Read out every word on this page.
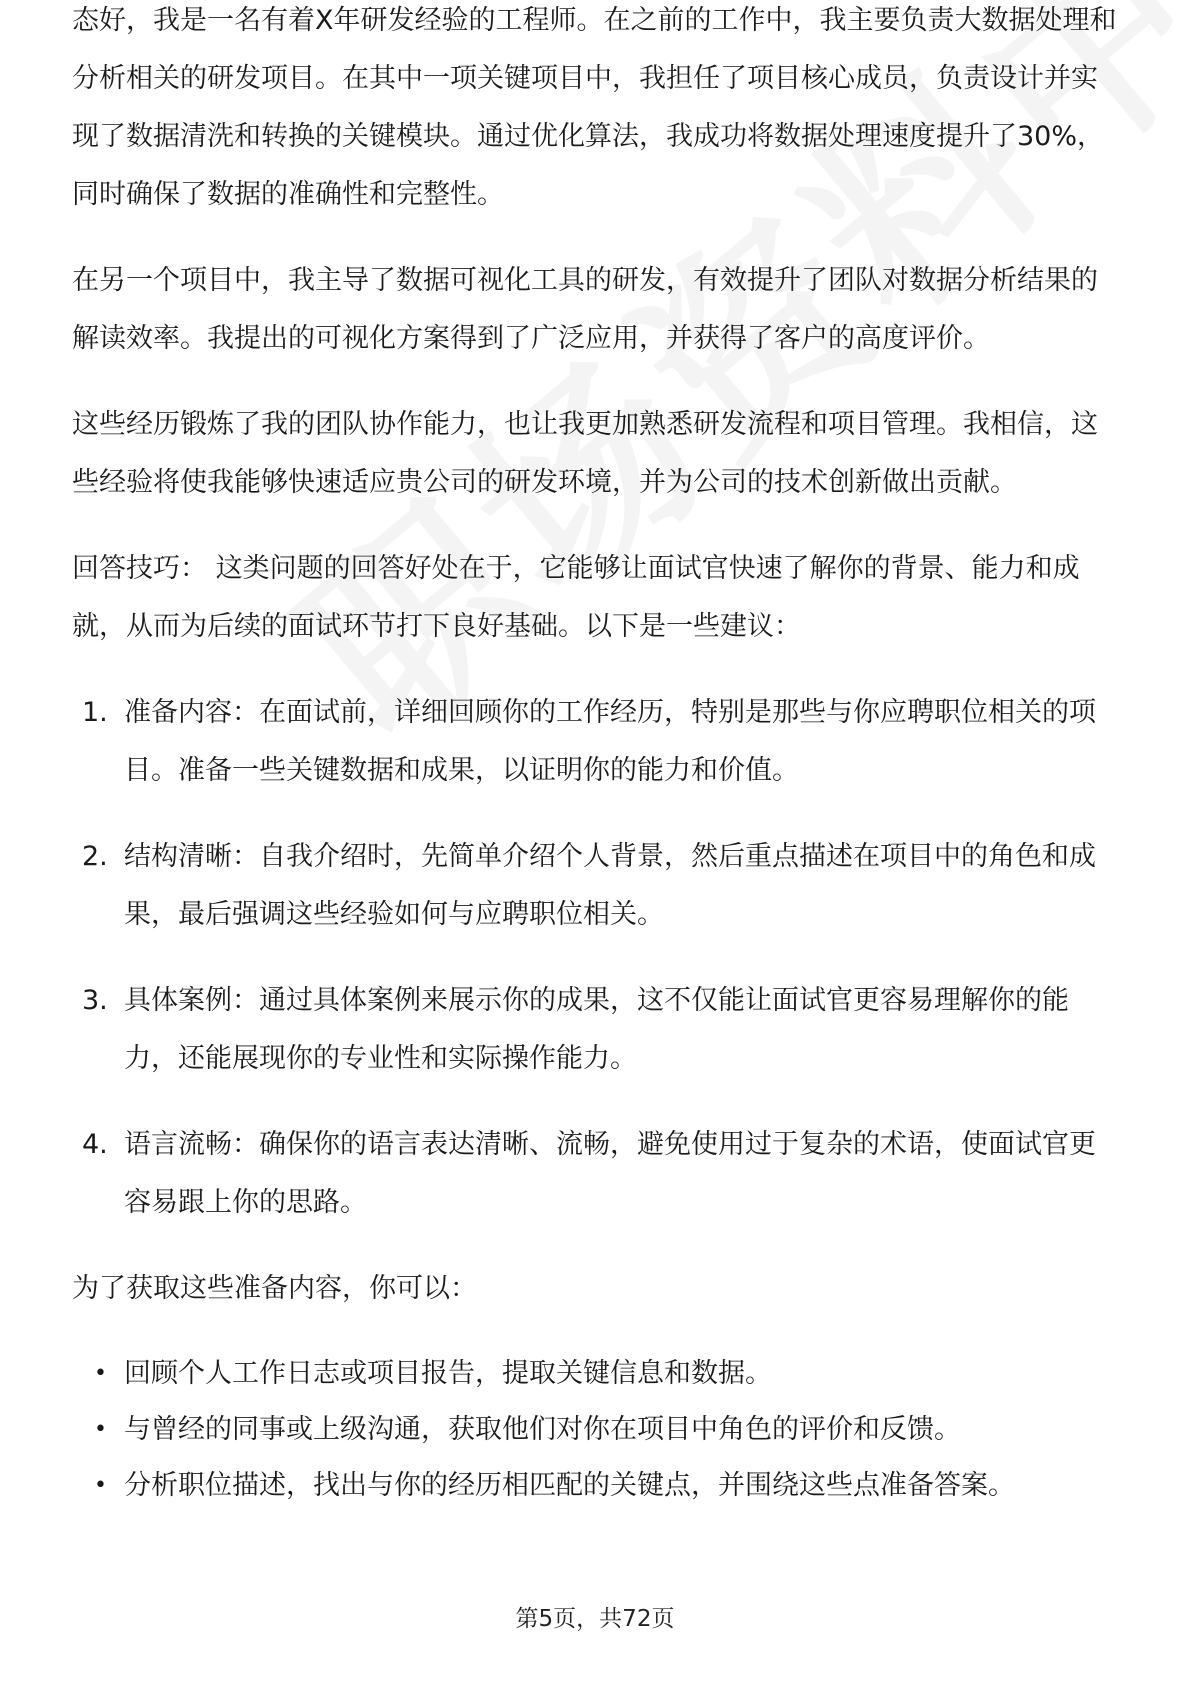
态好，我是一名有着X年研发经验的工程师。在之前的工作中，我主要负责大数据处理和分析相关的研发项目。在其中一项关键项目中，我担任了项目核心成员，负责设计并实现了数据清洗和转换的关键模块。通过优化算法，我成功将数据处理速度提升了30%，同时确保了数据的准确性和完整性。

在另一个项目中，我主导了数据可视化工具的研发，有效提升了团队对数据分析结果的解读效率。我提出的可视化方案得到了广泛应用，并获得了客户的高度评价。

这些经历锻炼了我的团队协作能力，也让我更加熟悉研发流程和项目管理。我相信，这些经验将使我能够快速适应贵公司的研发环境，并为公司的技术创新做出贡献。

回答技巧： 这类问题的回答好处在于，它能够让面试官快速了解你的背景、能力和成就，从而为后续的面试环节打下良好基础。以下是一些建议：

1. 准备内容：在面试前，详细回顾你的工作经历，特别是那些与你应聘职位相关的项目。准备一些关键数据和成果，以证明你的能力和价值。
2. 结构清晰：自我介绍时，先简单介绍个人背景，然后重点描述在项目中的角色和成果，最后强调这些经验如何与应聘职位相关。
3. 具体案例：通过具体案例来展示你的成果，这不仅能让面试官更容易理解你的能力，还能展现你的专业性和实际操作能力。
4. 语言流畅：确保你的语言表达清晰、流畅，避免使用过于复杂的术语，使面试官更容易跟上你的思路。

为了获取这些准备内容，你可以：

• 回顾个人工作日志或项目报告，提取关键信息和数据。
• 与曾经的同事或上级沟通，获取他们对你在项目中角色的评价和反馈。
• 分析职位描述，找出与你的经历相匹配的关键点，并围绕这些点准备答案。
第5页，共72页
